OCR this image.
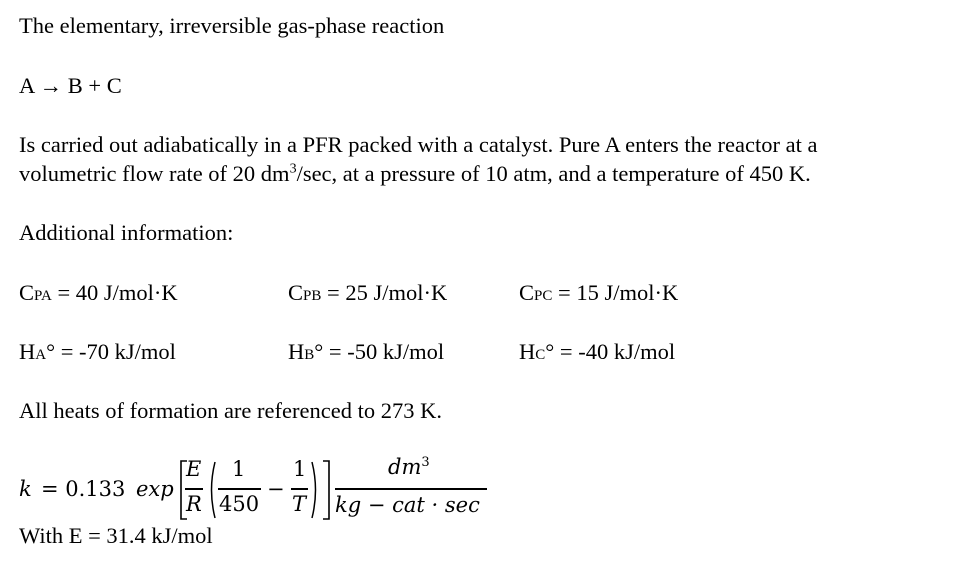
The elementary, irreversible gas-phase reaction
A → B + C
Is carried out adiabatically in a PFR packed with a catalyst. Pure A enters the reactor at a
volumetric flow rate of 20 $dm^3/\sec$, at a pressure of 10 atm, and a temperature of 450 K.
Additional information:
CPA = 40 J/mol·K	CPB = 25 J/mol·K	CPC = 15 J/mol·K
HA° = -70 kJ/mol	HB° = -50 kJ/mol	HC° = -40 kJ/mol
All heats of formation are referenced to 273 K.
k = 0.133 exp
E
R
1
450
−
1
T
$dm^3$
kg − cat · sec
With E = 31.4 kJ/mol
